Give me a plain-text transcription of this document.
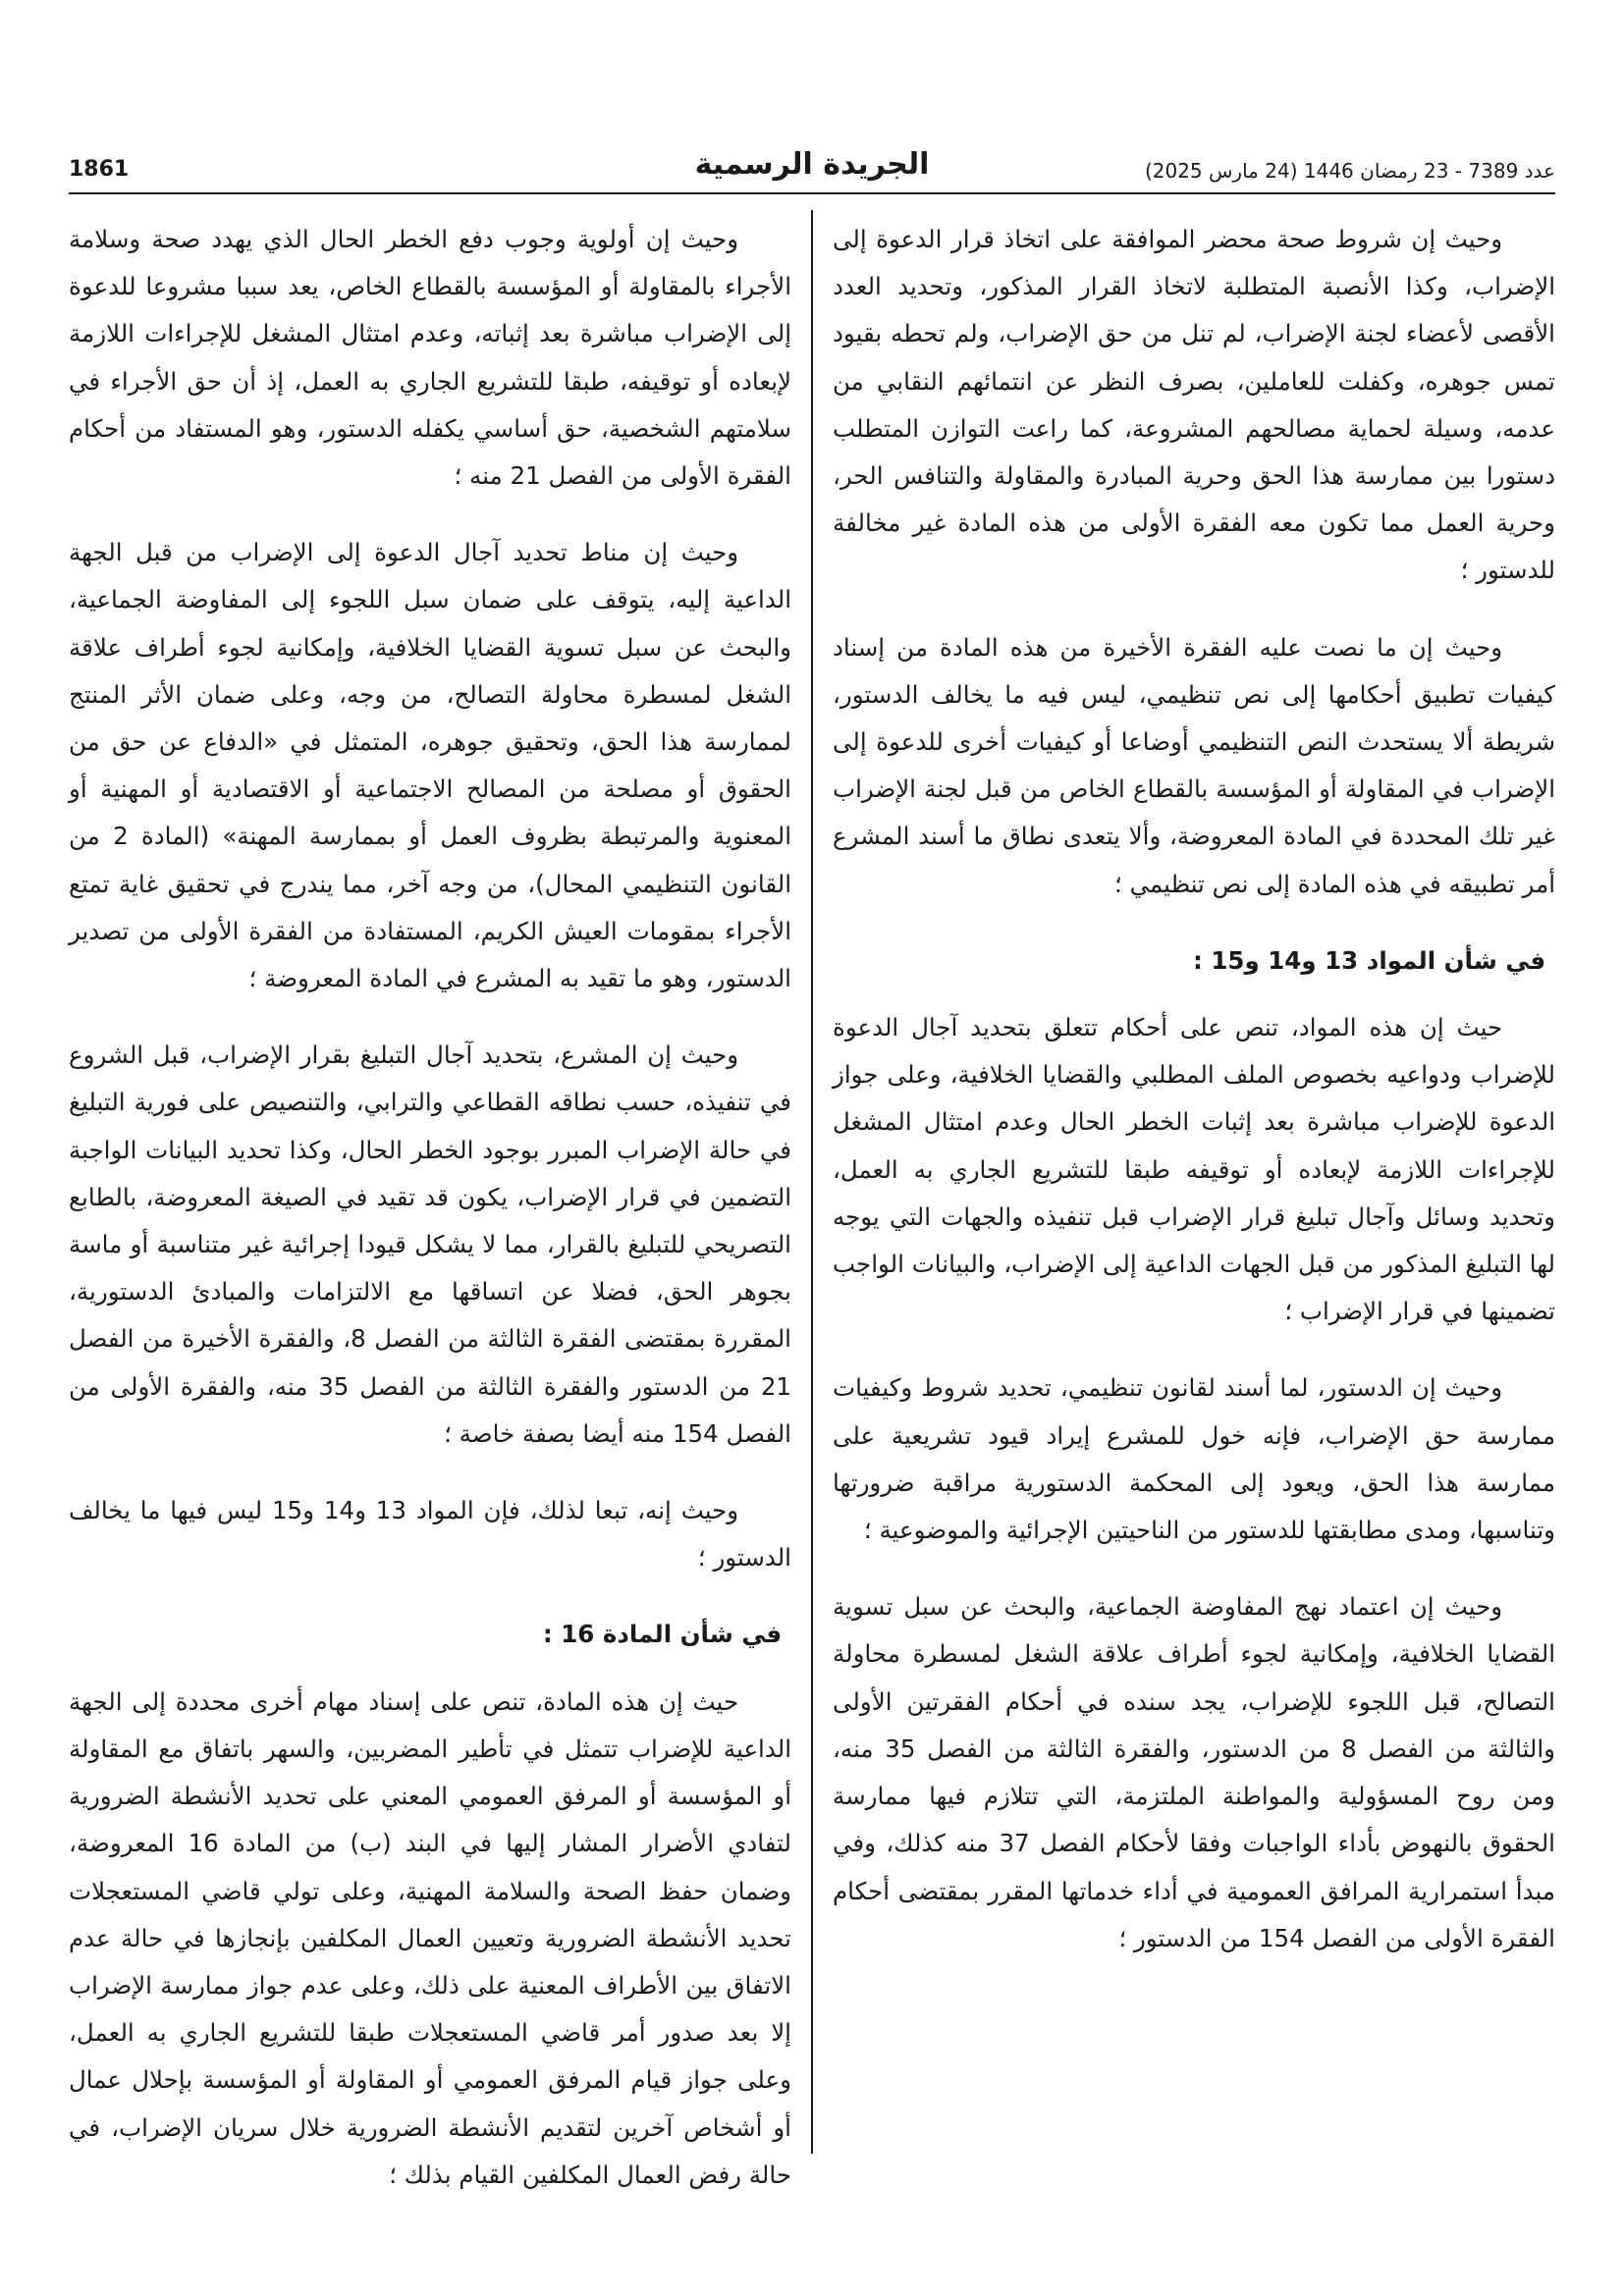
1861	الجريدة الرسمية	عدد 7389 - 23 رمضان 1446 (24 مارس 2025)

وحيث إن شروط صحة محضر الموافقة على اتخاذ قرار الدعوة إلى الإضراب، وكذا الأنصبة المتطلبة لاتخاذ القرار المذكور، وتحديد العدد الأقصى لأعضاء لجنة الإضراب، لم تنل من حق الإضراب، ولم تحطه بقيود تمس جوهره، وكفلت للعاملين، بصرف النظر عن انتمائهم النقابي من عدمه، وسيلة لحماية مصالحهم المشروعة، كما راعت التوازن المتطلب دستورا بين ممارسة هذا الحق وحرية المبادرة والمقاولة والتنافس الحر، وحرية العمل مما تكون معه الفقرة الأولى من هذه المادة غير مخالفة للدستور ؛

وحيث إن ما نصت عليه الفقرة الأخيرة من هذه المادة من إسناد كيفيات تطبيق أحكامها إلى نص تنظيمي، ليس فيه ما يخالف الدستور، شريطة ألا يستحدث النص التنظيمي أوضاعا أو كيفيات أخرى للدعوة إلى الإضراب في المقاولة أو المؤسسة بالقطاع الخاص من قبل لجنة الإضراب غير تلك المحددة في المادة المعروضة، وألا يتعدى نطاق ما أسند المشرع أمر تطبيقه في هذه المادة إلى نص تنظيمي ؛

في شأن المواد 13 و14 و15 :

حيث إن هذه المواد، تنص على أحكام تتعلق بتحديد آجال الدعوة للإضراب ودواعيه بخصوص الملف المطلبي والقضايا الخلافية، وعلى جواز الدعوة للإضراب مباشرة بعد إثبات الخطر الحال وعدم امتثال المشغل للإجراءات اللازمة لإبعاده أو توقيفه طبقا للتشريع الجاري به العمل، وتحديد وسائل وآجال تبليغ قرار الإضراب قبل تنفيذه والجهات التي يوجه لها التبليغ المذكور من قبل الجهات الداعية إلى الإضراب، والبيانات الواجب تضمينها في قرار الإضراب ؛

وحيث إن الدستور، لما أسند لقانون تنظيمي، تحديد شروط وكيفيات ممارسة حق الإضراب، فإنه خول للمشرع إيراد قيود تشريعية على ممارسة هذا الحق، ويعود إلى المحكمة الدستورية مراقبة ضرورتها وتناسبها، ومدى مطابقتها للدستور من الناحيتين الإجرائية والموضوعية ؛

وحيث إن اعتماد نهج المفاوضة الجماعية، والبحث عن سبل تسوية القضايا الخلافية، وإمكانية لجوء أطراف علاقة الشغل لمسطرة محاولة التصالح، قبل اللجوء للإضراب، يجد سنده في أحكام الفقرتين الأولى والثالثة من الفصل 8 من الدستور، والفقرة الثالثة من الفصل 35 منه، ومن روح المسؤولية والمواطنة الملتزمة، التي تتلازم فيها ممارسة الحقوق بالنهوض بأداء الواجبات وفقا لأحكام الفصل 37 منه كذلك، وفي مبدأ استمرارية المرافق العمومية في أداء خدماتها المقرر بمقتضى أحكام الفقرة الأولى من الفصل 154 من الدستور ؛

وحيث إن أولوية وجوب دفع الخطر الحال الذي يهدد صحة وسلامة الأجراء بالمقاولة أو المؤسسة بالقطاع الخاص، يعد سببا مشروعا للدعوة إلى الإضراب مباشرة بعد إثباته، وعدم امتثال المشغل للإجراءات اللازمة لإبعاده أو توقيفه، طبقا للتشريع الجاري به العمل، إذ أن حق الأجراء في سلامتهم الشخصية، حق أساسي يكفله الدستور، وهو المستفاد من أحكام الفقرة الأولى من الفصل 21 منه ؛

وحيث إن مناط تحديد آجال الدعوة إلى الإضراب من قبل الجهة الداعية إليه، يتوقف على ضمان سبل اللجوء إلى المفاوضة الجماعية، والبحث عن سبل تسوية القضايا الخلافية، وإمكانية لجوء أطراف علاقة الشغل لمسطرة محاولة التصالح، من وجه، وعلى ضمان الأثر المنتج لممارسة هذا الحق، وتحقيق جوهره، المتمثل في «الدفاع عن حق من الحقوق أو مصلحة من المصالح الاجتماعية أو الاقتصادية أو المهنية أو المعنوية والمرتبطة بظروف العمل أو بممارسة المهنة» (المادة 2 من القانون التنظيمي المحال)، من وجه آخر، مما يندرج في تحقيق غاية تمتع الأجراء بمقومات العيش الكريم، المستفادة من الفقرة الأولى من تصدير الدستور، وهو ما تقيد به المشرع في المادة المعروضة ؛

وحيث إن المشرع، بتحديد آجال التبليغ بقرار الإضراب، قبل الشروع في تنفيذه، حسب نطاقه القطاعي والترابي، والتنصيص على فورية التبليغ في حالة الإضراب المبرر بوجود الخطر الحال، وكذا تحديد البيانات الواجبة التضمين في قرار الإضراب، يكون قد تقيد في الصيغة المعروضة، بالطابع التصريحي للتبليغ بالقرار، مما لا يشكل قيودا إجرائية غير متناسبة أو ماسة بجوهر الحق، فضلا عن اتساقها مع الالتزامات والمبادئ الدستورية، المقررة بمقتضى الفقرة الثالثة من الفصل 8، والفقرة الأخيرة من الفصل 21 من الدستور والفقرة الثالثة من الفصل 35 منه، والفقرة الأولى من الفصل 154 منه أيضا بصفة خاصة ؛

وحيث إنه، تبعا لذلك، فإن المواد 13 و14 و15 ليس فيها ما يخالف الدستور ؛

في شأن المادة 16 :

حيث إن هذه المادة، تنص على إسناد مهام أخرى محددة إلى الجهة الداعية للإضراب تتمثل في تأطير المضربين، والسهر باتفاق مع المقاولة أو المؤسسة أو المرفق العمومي المعني على تحديد الأنشطة الضرورية لتفادي الأضرار المشار إليها في البند (ب) من المادة 16 المعروضة، وضمان حفظ الصحة والسلامة المهنية، وعلى تولي قاضي المستعجلات تحديد الأنشطة الضرورية وتعيين العمال المكلفين بإنجازها في حالة عدم الاتفاق بين الأطراف المعنية على ذلك، وعلى عدم جواز ممارسة الإضراب إلا بعد صدور أمر قاضي المستعجلات طبقا للتشريع الجاري به العمل، وعلى جواز قيام المرفق العمومي أو المقاولة أو المؤسسة بإحلال عمال أو أشخاص آخرين لتقديم الأنشطة الضرورية خلال سريان الإضراب، في حالة رفض العمال المكلفين القيام بذلك ؛
